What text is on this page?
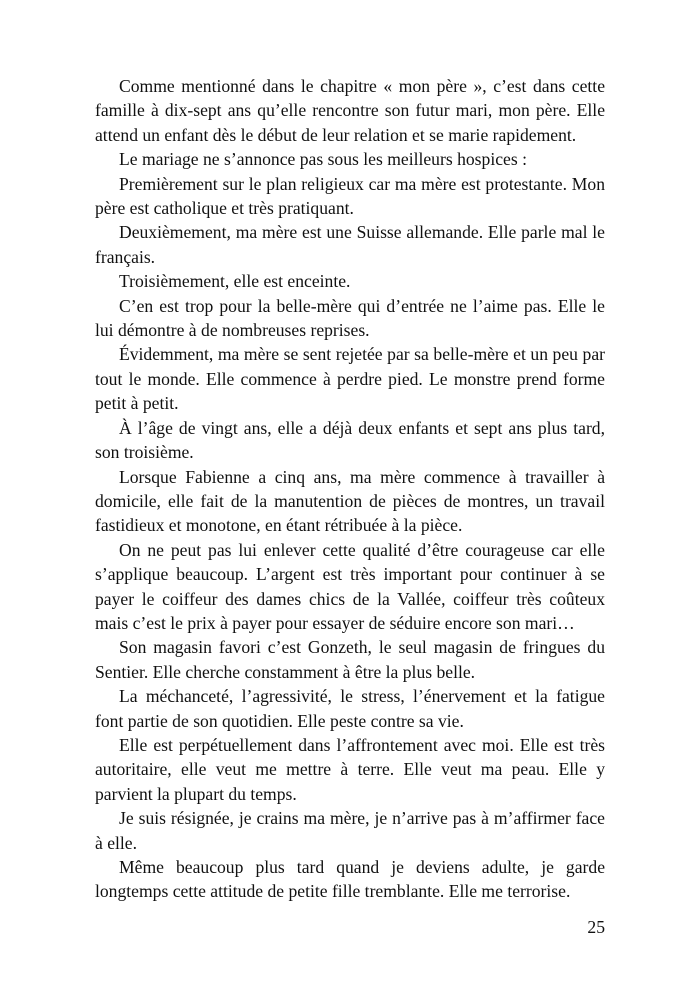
Comme mentionné dans le chapitre « mon père », c’est dans cette famille à dix-sept ans qu’elle rencontre son futur mari, mon père. Elle attend un enfant dès le début de leur relation et se marie rapidement.

Le mariage ne s’annonce pas sous les meilleurs hospices :

Premièrement sur le plan religieux car ma mère est protestante. Mon père est catholique et très pratiquant.

Deuxièmement, ma mère est une Suisse allemande. Elle parle mal le français.

Troisièmement, elle est enceinte.

C’en est trop pour la belle-mère qui d’entrée ne l’aime pas. Elle le lui démontre à de nombreuses reprises.

Évidemment, ma mère se sent rejetée par sa belle-mère et un peu par tout le monde. Elle commence à perdre pied. Le monstre prend forme petit à petit.

À l’âge de vingt ans, elle a déjà deux enfants et sept ans plus tard, son troisième.

Lorsque Fabienne a cinq ans, ma mère commence à travailler à domicile, elle fait de la manutention de pièces de montres, un travail fastidieux et monotone, en étant rétribuée à la pièce.

On ne peut pas lui enlever cette qualité d’être courageuse car elle s’applique beaucoup. L’argent est très important pour continuer à se payer le coiffeur des dames chics de la Vallée, coiffeur très coûteux mais c’est le prix à payer pour essayer de séduire encore son mari…

Son magasin favori c’est Gonzeth, le seul magasin de fringues du Sentier. Elle cherche constamment à être la plus belle.

La méchanceté, l’agressivité, le stress, l’énervement et la fatigue font partie de son quotidien. Elle peste contre sa vie.

Elle est perpétuellement dans l’affrontement avec moi. Elle est très autoritaire, elle veut me mettre à terre. Elle veut ma peau. Elle y parvient la plupart du temps.

Je suis résignée, je crains ma mère, je n’arrive pas à m’affirmer face à elle.

Même beaucoup plus tard quand je deviens adulte, je garde longtemps cette attitude de petite fille tremblante. Elle me terrorise.

25
